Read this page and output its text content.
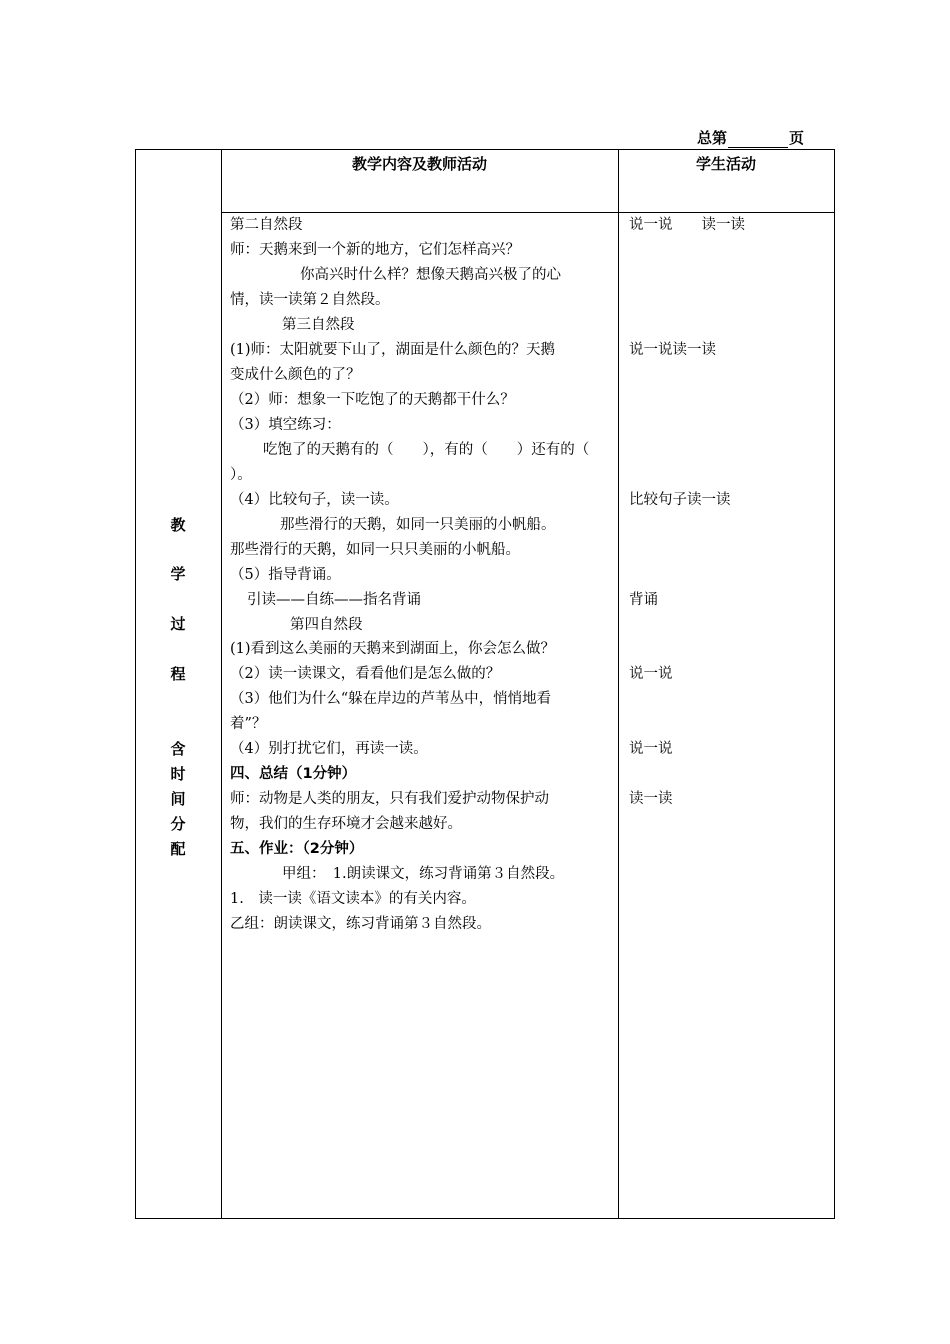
总第	页
教学内容及教师活动	学生活动
教
学
过
程
含
时
间
分
配
第二自然段
师：天鹅来到一个新的地方，它们怎样高兴？
你高兴时什么样？想像天鹅高兴极了的心
情，读一读第２自然段。
第三自然段
(1)师：太阳就要下山了，湖面是什么颜色的？天鹅
变成什么颜色的了？
（2）师：想象一下吃饱了的天鹅都干什么？
（3）填空练习：
吃饱了的天鹅有的（　　），有的（　　）还有的（
）。
（4）比较句子，读一读。
那些滑行的天鹅，如同一只美丽的小帆船。
那些滑行的天鹅，如同一只只美丽的小帆船。
（5）指导背诵。
引读——自练——指名背诵
第四自然段
(1)看到这么美丽的天鹅来到湖面上，你会怎么做？
（2）读一读课文，看看他们是怎么做的？
（3）他们为什么“躲在岸边的芦苇丛中，悄悄地看
着”？
（4）别打扰它们，再读一读。
四、总结（1分钟）
师：动物是人类的朋友，只有我们爱护动物保护动
物，我们的生存环境才会越来越好。
五、作业：（2分钟）
甲组：　1.朗读课文，练习背诵第３自然段。
1.　读一读《语文读本》的有关内容。
乙组：朗读课文，练习背诵第３自然段。
说一说　　读一读
说一说读一读
比较句子读一读
背诵
说一说
说一说
读一读
